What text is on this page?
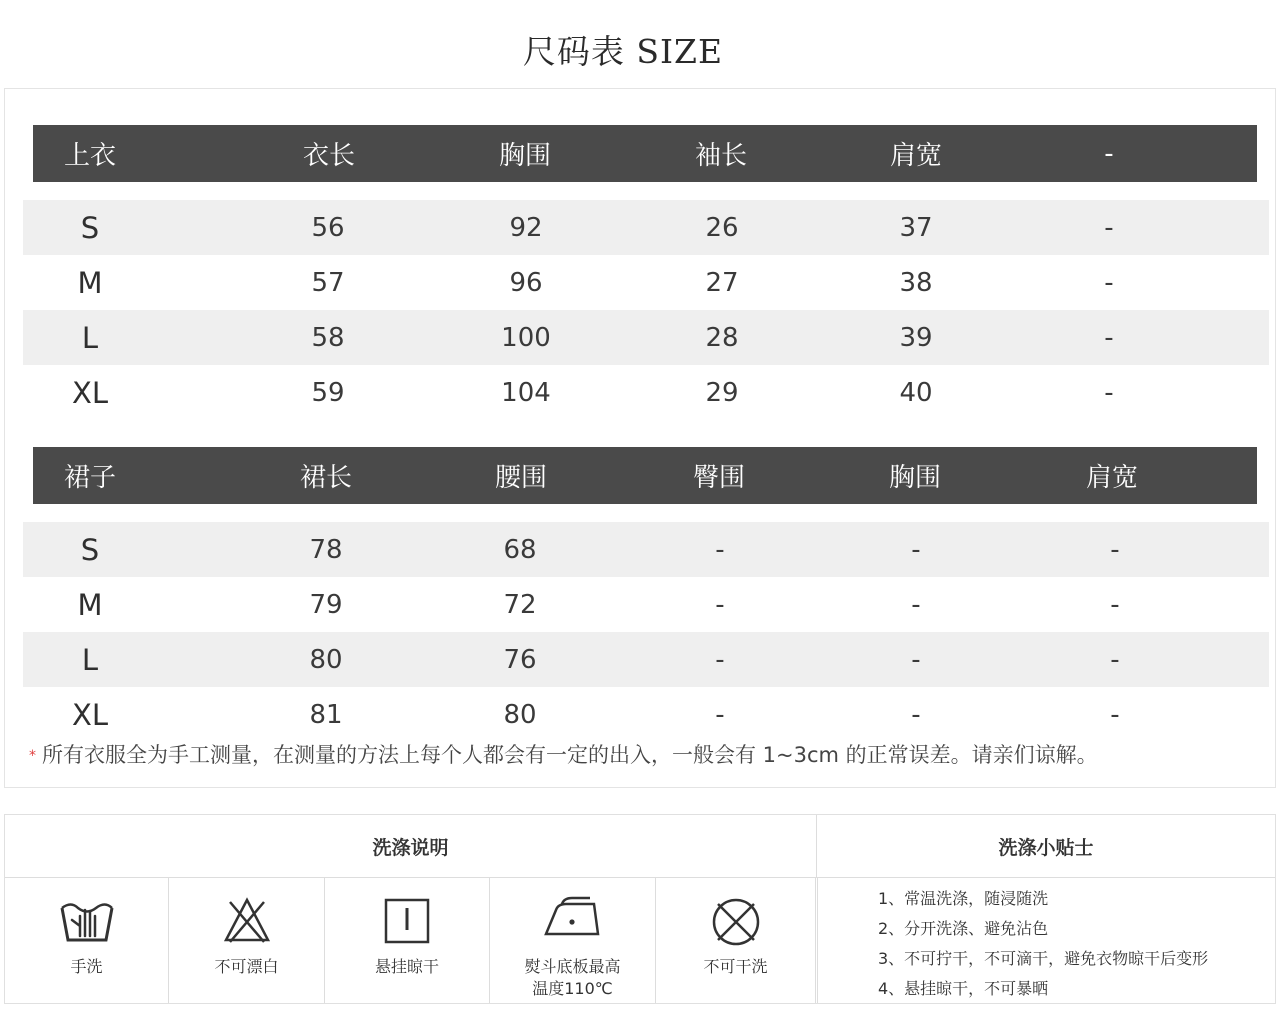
尺码表 SIZE
上衣	衣长	胸围	袖长	肩宽	-
S	56	92	26	37	-
M	57	96	27	38	-
L	58	100	28	39	-
XL	59	104	29	40	-
裙子	裙长	腰围	臀围	胸围	肩宽
S	78	68	-	-	-
M	79	72	-	-	-
L	80	76	-	-	-
XL	81	80	-	-	-
* 所有衣服全为手工测量，在测量的方法上每个人都会有一定的出入，一般会有 1~3cm 的正常误差。请亲们谅解。
洗涤说明	洗涤小贴士
手洗	不可漂白	悬挂晾干	熨斗底板最高
温度110℃
不可干洗
1、常温洗涤，随浸随洗
2、分开洗涤、避免沾色
3、不可拧干，不可滴干，避免衣物晾干后变形
4、悬挂晾干，不可暴晒
